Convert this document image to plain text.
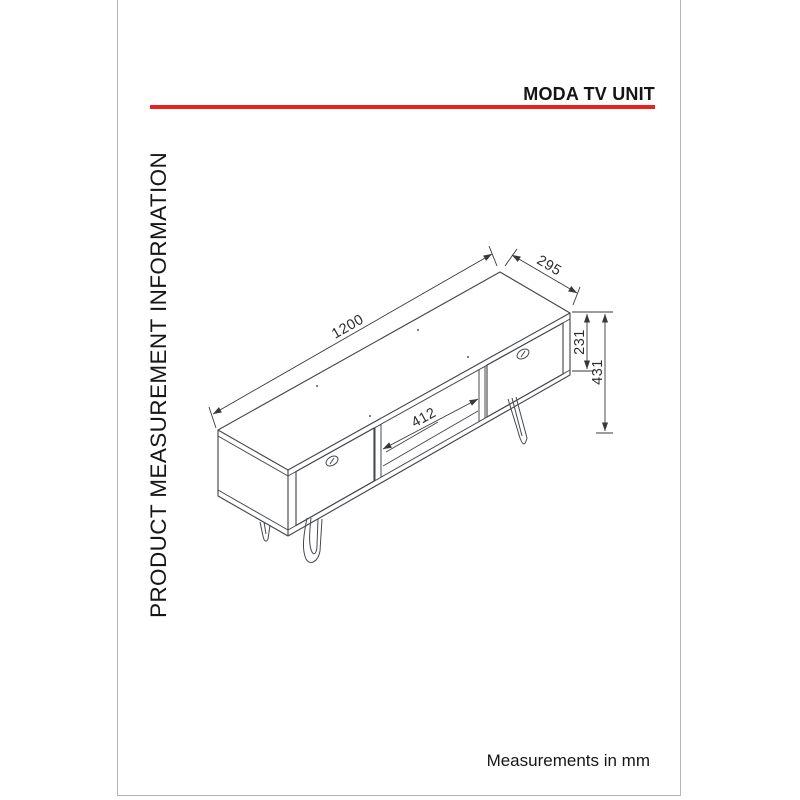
MODA TV UNIT
PRODUCT MEASUREMENT INFORMATION	1200
295
231
431
412
Measurements in mm
